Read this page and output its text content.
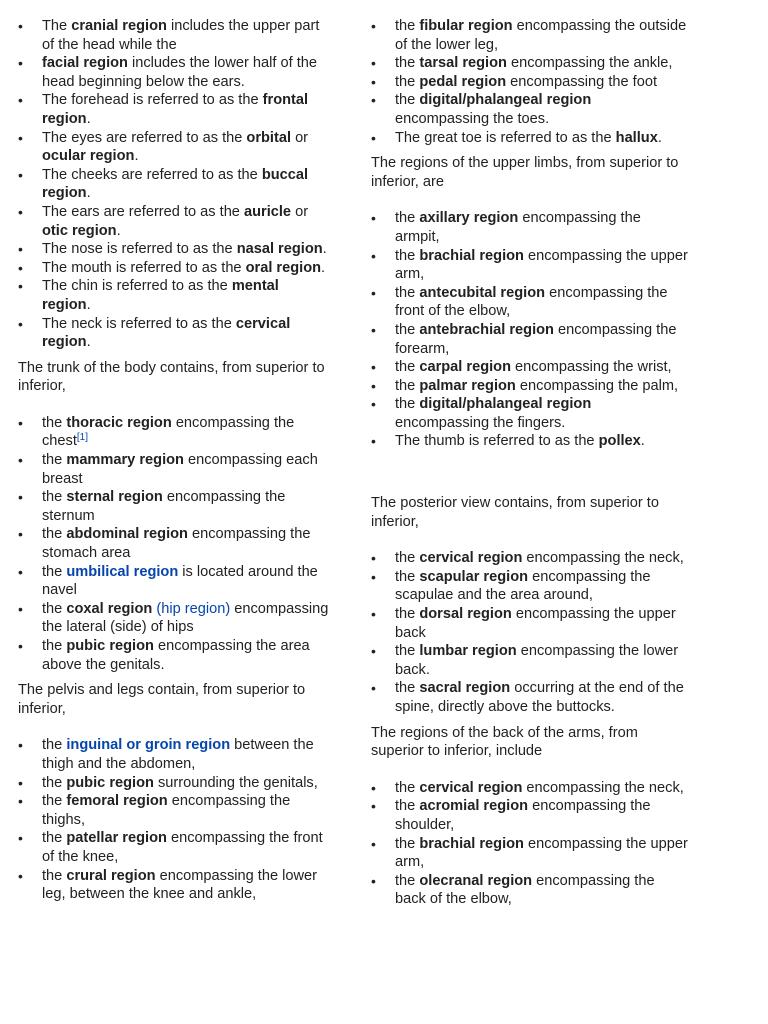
• The cranial region includes the upper part of the head while the
• facial region includes the lower half of the head beginning below the ears.
• The forehead is referred to as the frontal region.
• The eyes are referred to as the orbital or ocular region.
• The cheeks are referred to as the buccal region.
• The ears are referred to as the auricle or otic region.
• The nose is referred to as the nasal region.
• The mouth is referred to as the oral region.
• The chin is referred to as the mental region.
• The neck is referred to as the cervical region.

The trunk of the body contains, from superior to inferior,

• the thoracic region encompassing the chest[1]
• the mammary region encompassing each breast
• the sternal region encompassing the sternum
• the abdominal region encompassing the stomach area
• the umbilical region is located around the navel
• the coxal region (hip region) encompassing the lateral (side) of hips
• the pubic region encompassing the area above the genitals.

The pelvis and legs contain, from superior to inferior,

• the inguinal or groin region between the thigh and the abdomen,
• the pubic region surrounding the genitals,
• the femoral region encompassing the thighs,
• the patellar region encompassing the front of the knee,
• the crural region encompassing the lower leg, between the knee and ankle,
• the fibular region encompassing the outside of the lower leg,
• the tarsal region encompassing the ankle,
• the pedal region encompassing the foot
• the digital/phalangeal region encompassing the toes.
• The great toe is referred to as the hallux.

The regions of the upper limbs, from superior to inferior, are

• the axillary region encompassing the armpit,
• the brachial region encompassing the upper arm,
• the antecubital region encompassing the front of the elbow,
• the antebrachial region encompassing the forearm,
• the carpal region encompassing the wrist,
• the palmar region encompassing the palm,
• the digital/phalangeal region encompassing the fingers.
• The thumb is referred to as the pollex.

The posterior view contains, from superior to inferior,

• the cervical region encompassing the neck,
• the scapular region encompassing the scapulae and the area around,
• the dorsal region encompassing the upper back
• the lumbar region encompassing the lower back.
• the sacral region occurring at the end of the spine, directly above the buttocks.

The regions of the back of the arms, from superior to inferior, include

• the cervical region encompassing the neck,
• the acromial region encompassing the shoulder,
• the brachial region encompassing the upper arm,
• the olecranal region encompassing the back of the elbow,
